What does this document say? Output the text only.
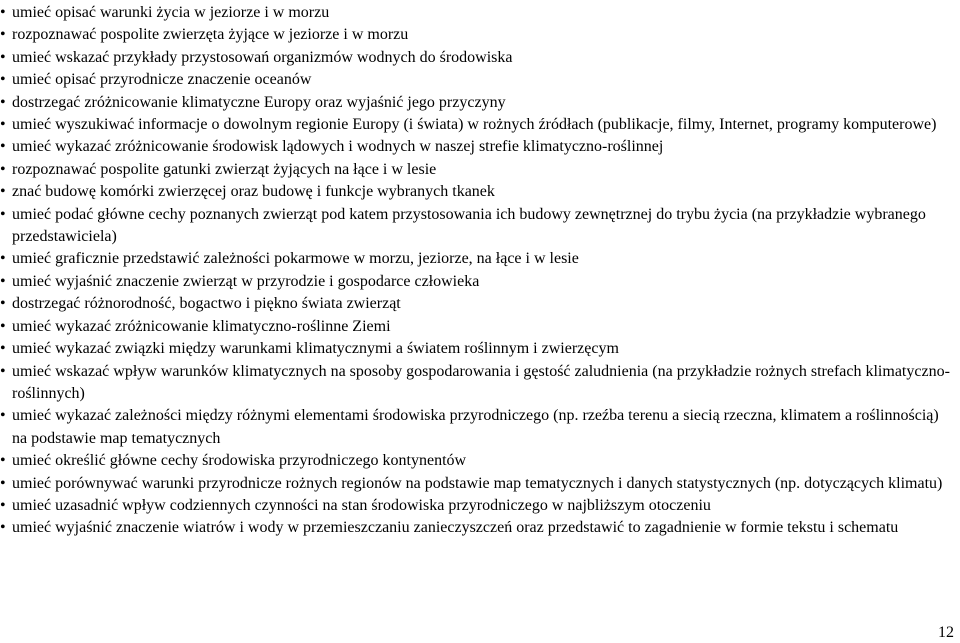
• umieć opisać warunki życia w jeziorze i w morzu
• rozpoznawać pospolite zwierzęta żyjące w jeziorze i w morzu
• umieć wskazać przykłady przystosowań organizmów wodnych do środowiska
• umieć opisać przyrodnicze znaczenie oceanów
• dostrzegać zróżnicowanie klimatyczne Europy oraz wyjaśnić jego przyczyny
• umieć wyszukiwać informacje o dowolnym regionie Europy (i świata) w rożnych źródłach (publikacje, filmy, Internet, programy komputerowe)
• umieć wykazać zróżnicowanie środowisk lądowych i wodnych w naszej strefie klimatyczno-roślinnej
• rozpoznawać pospolite gatunki zwierząt żyjących na łące i w lesie
• znać budowę komórki zwierzęcej oraz budowę i funkcje wybranych tkanek
• umieć podać główne cechy poznanych zwierząt pod katem przystosowania ich budowy zewnętrznej do trybu życia (na przykładzie wybranego przedstawiciela)
• umieć graficznie przedstawić zależności pokarmowe w morzu, jeziorze, na łące i w lesie
• umieć wyjaśnić znaczenie zwierząt w przyrodzie i gospodarce człowieka
• dostrzegać różnorodność, bogactwo i piękno świata zwierząt
• umieć wykazać zróżnicowanie klimatyczno-roślinne Ziemi
• umieć wykazać związki między warunkami klimatycznymi a światem roślinnym i zwierzęcym
• umieć wskazać wpływ warunków klimatycznych na sposoby gospodarowania i gęstość zaludnienia (na przykładzie rożnych strefach klimatyczno-roślinnych)
• umieć wykazać zależności między różnymi elementami środowiska przyrodniczego (np. rzeźba terenu a siecią rzeczna, klimatem a roślinnością) na podstawie map tematycznych
• umieć określić główne cechy środowiska przyrodniczego kontynentów
• umieć porównywać warunki przyrodnicze rożnych regionów na podstawie map tematycznych i danych statystycznych (np. dotyczących klimatu)
• umieć uzasadnić wpływ codziennych czynności na stan środowiska przyrodniczego w najbliższym otoczeniu
• umieć wyjaśnić znaczenie wiatrów i wody w przemieszczaniu zanieczyszczeń oraz przedstawić to zagadnienie w formie tekstu i schematu
12
